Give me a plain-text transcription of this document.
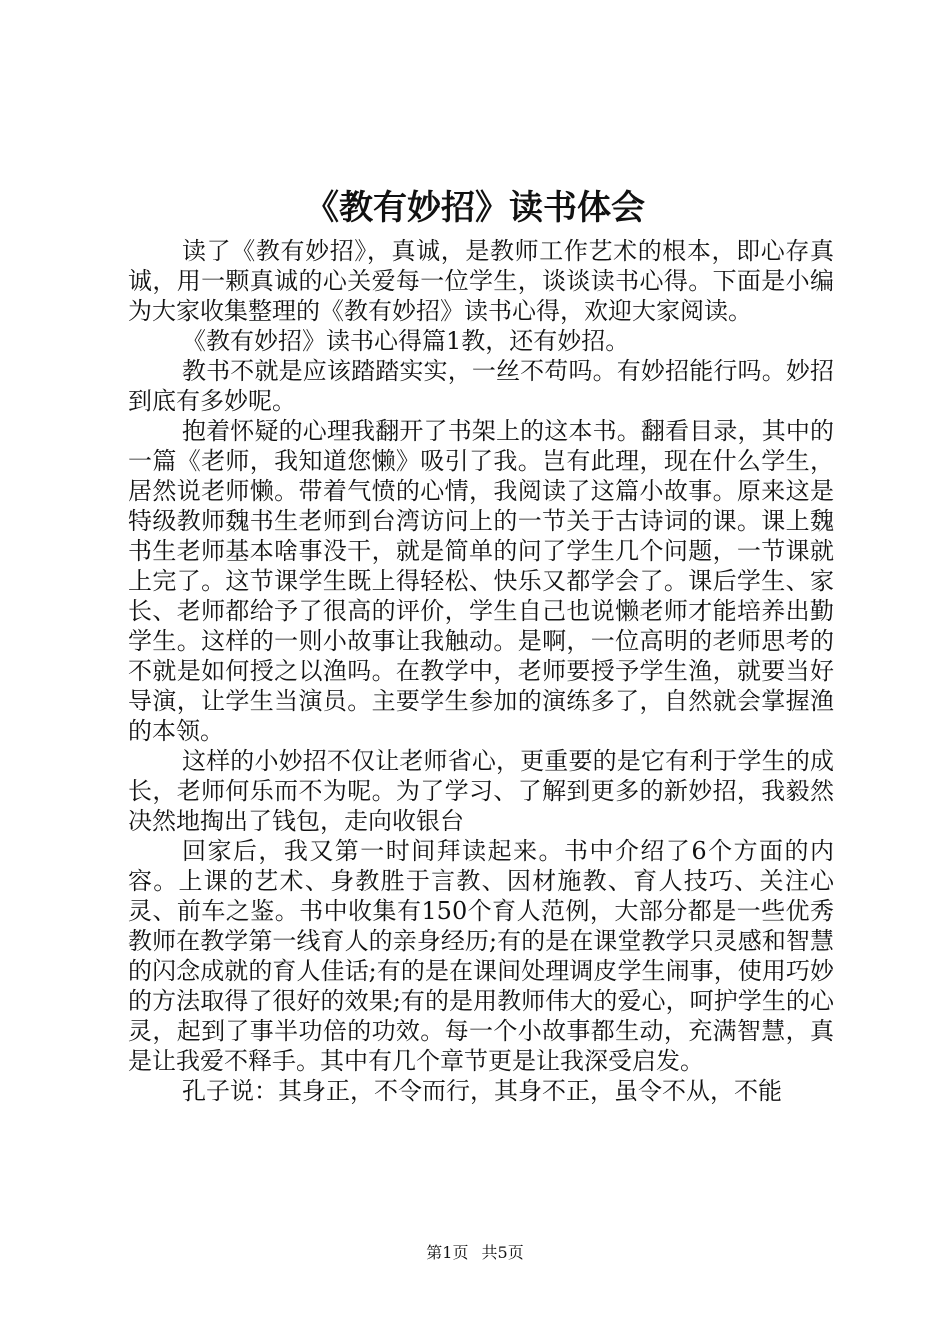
《教有妙招》读书体会

读了《教有妙招》，真诚，是教师工作艺术的根本，即心存真诚，用一颗真诚的心关爱每一位学生，谈谈读书心得。下面是小编为大家收集整理的《教有妙招》读书心得，欢迎大家阅读。

《教有妙招》读书心得篇1教，还有妙招。

教书不就是应该踏踏实实，一丝不苟吗。有妙招能行吗。妙招到底有多妙呢。

抱着怀疑的心理我翻开了书架上的这本书。翻看目录，其中的一篇《老师，我知道您懒》吸引了我。岂有此理，现在什么学生，居然说老师懒。带着气愤的心情，我阅读了这篇小故事。原来这是特级教师魏书生老师到台湾访问上的一节关于古诗词的课。课上魏书生老师基本啥事没干，就是简单的问了学生几个问题，一节课就上完了。这节课学生既上得轻松、快乐又都学会了。课后学生、家长、老师都给予了很高的评价，学生自己也说懒老师才能培养出勤学生。这样的一则小故事让我触动。是啊，一位高明的老师思考的不就是如何授之以渔吗。在教学中，老师要授予学生渔，就要当好导演，让学生当演员。主要学生参加的演练多了，自然就会掌握渔的本领。

这样的小妙招不仅让老师省心，更重要的是它有利于学生的成长，老师何乐而不为呢。为了学习、了解到更多的新妙招，我毅然决然地掏出了钱包，走向收银台

回家后，我又第一时间拜读起来。书中介绍了6个方面的内容。上课的艺术、身教胜于言教、因材施教、育人技巧、关注心灵、前车之鉴。书中收集有150个育人范例，大部分都是一些优秀教师在教学第一线育人的亲身经历;有的是在课堂教学只灵感和智慧的闪念成就的育人佳话;有的是在课间处理调皮学生闹事，使用巧妙的方法取得了很好的效果;有的是用教师伟大的爱心，呵护学生的心灵，起到了事半功倍的功效。每一个小故事都生动，充满智慧，真是让我爱不释手。其中有几个章节更是让我深受启发。

孔子说：其身正，不令而行，其身不正，虽令不从，不能

第1页 共5页
